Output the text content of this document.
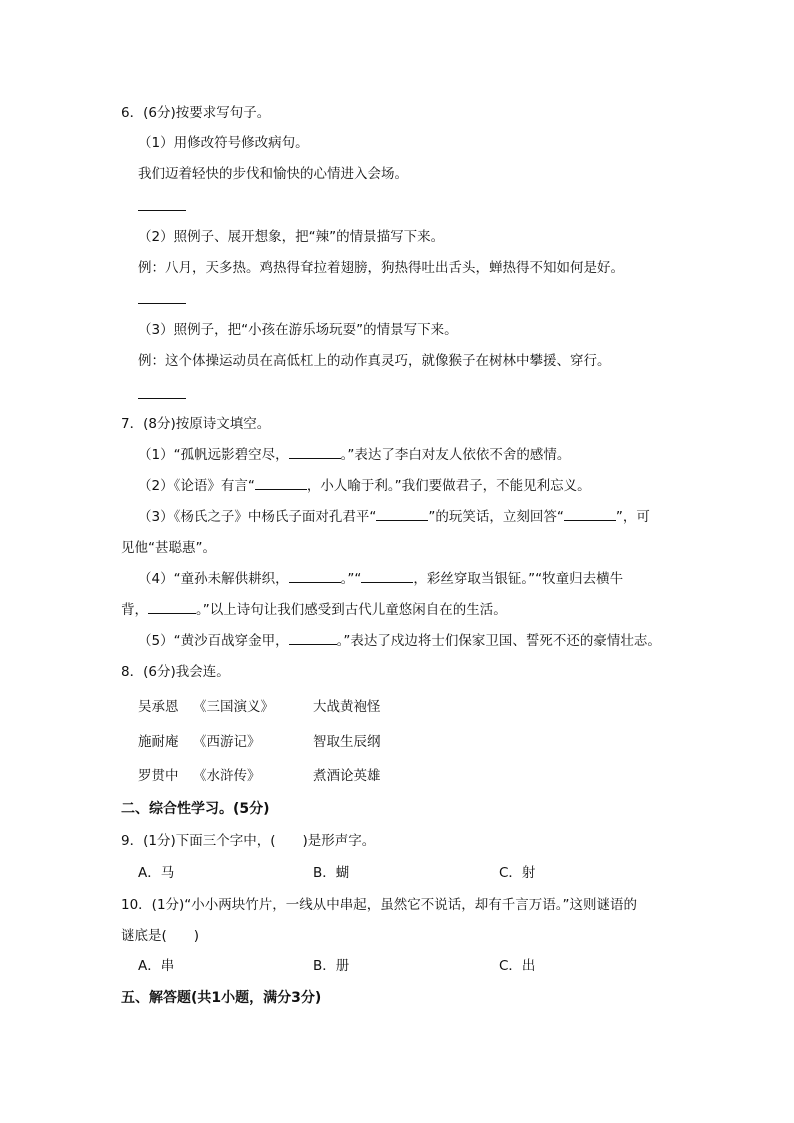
6．(6分)按要求写句子。
（1）用修改符号修改病句。
我们迈着轻快的步伐和愉快的心情进入会场。
（2）照例子、展开想象，把“辣”的情景描写下来。
例：八月，天多热。鸡热得耷拉着翅膀，狗热得吐出舌头，蝉热得不知如何是好。
（3）照例子，把“小孩在游乐场玩耍”的情景写下来。
例：这个体操运动员在高低杠上的动作真灵巧，就像猴子在树林中攀援、穿行。
7．(8分)按原诗文填空。
（1）“孤帆远影碧空尽，	。”表达了李白对友人依依不舍的感情。
（2）《论语》有言“	，小人喻于利。”我们要做君子，不能见利忘义。
（3）《杨氏之子》中杨氏子面对孔君平“	”的玩笑话，立刻回答“	”，可
见他“甚聪惠”。
（4）“童孙未解供耕织，	。”“	，彩丝穿取当银钲。”“牧童归去横牛
背，	。”以上诗句让我们感受到古代儿童悠闲自在的生活。
（5）“黄沙百战穿金甲，	。”表达了戍边将士们保家卫国、誓死不还的豪情壮志。
8．(6分)我会连。
吴承恩 《三国演义》	大战黄袍怪
施耐庵 《西游记》	智取生辰纲
罗贯中 《水浒传》	煮酒论英雄
二、综合性学习。(5分)
9．(1分)下面三个字中，(　　)是形声字。
A．马	B．蝴	C．射
10．(1分)“小小两块竹片，一线从中串起，虽然它不说话，却有千言万语。”这则谜语的
谜底是(　　)
A．串	B．册	C．出
五、解答题(共1小题，满分3分)
